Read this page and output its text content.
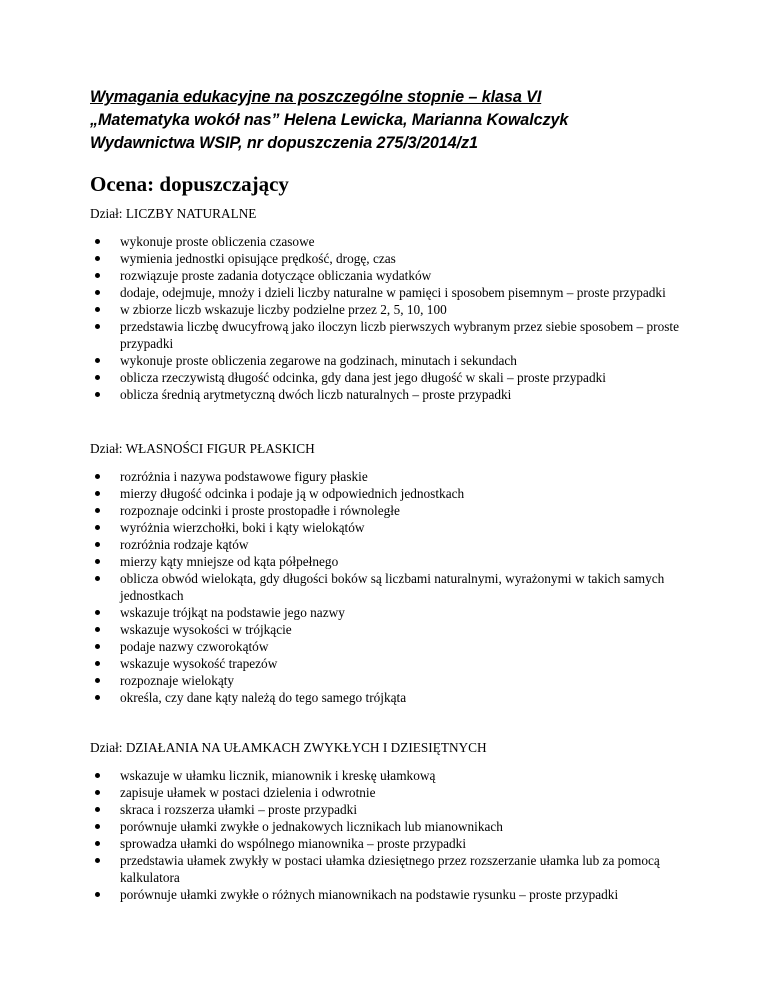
Wymagania edukacyjne na poszczególne stopnie – klasa VI
„Matematyka wokół nas” Helena Lewicka, Marianna Kowalczyk
Wydawnictwa WSIP, nr dopuszczenia 275/3/2014/z1
Ocena: dopuszczający
Dział: LICZBY NATURALNE
wykonuje proste obliczenia czasowe
wymienia jednostki opisujące prędkość, drogę, czas
rozwiązuje proste zadania dotyczące obliczania wydatków
dodaje, odejmuje, mnoży i dzieli liczby naturalne w pamięci i sposobem pisemnym – proste przypadki
w zbiorze liczb wskazuje liczby podzielne przez 2, 5, 10, 100
przedstawia liczbę dwucyfrową jako iloczyn liczb pierwszych wybranym przez siebie sposobem – proste przypadki
wykonuje proste obliczenia zegarowe na godzinach, minutach i sekundach
oblicza rzeczywistą długość odcinka, gdy dana jest jego długość w skali – proste przypadki
oblicza średnią arytmetyczną dwóch liczb naturalnych – proste przypadki
Dział: WŁASNOŚCI FIGUR PŁASKICH
rozróżnia i nazywa podstawowe figury płaskie
mierzy długość odcinka i podaje ją w odpowiednich jednostkach
rozpoznaje odcinki i proste prostopadłe i równoległe
wyróżnia wierzchołki, boki i kąty wielokątów
rozróżnia rodzaje kątów
mierzy kąty mniejsze od kąta półpełnego
oblicza obwód wielokąta, gdy długości boków są liczbami naturalnymi, wyrażonymi w takich samych jednostkach
wskazuje trójkąt na podstawie jego nazwy
wskazuje wysokości w trójkącie
podaje nazwy czworokątów
wskazuje wysokość trapezów
rozpoznaje wielokąty
określa, czy dane kąty należą do tego samego trójkąta
Dział: DZIAŁANIA NA UŁAMKACH ZWYKŁYCH I DZIESIĘTNYCH
wskazuje w ułamku licznik, mianownik i kreskę ułamkową
zapisuje ułamek w postaci dzielenia i odwrotnie
skraca i rozszerza ułamki – proste przypadki
porównuje ułamki zwykłe o jednakowych licznikach lub mianownikach
sprowadza ułamki do wspólnego mianownika – proste przypadki
przedstawia ułamek zwykły w postaci ułamka dziesiętnego przez rozszerzanie ułamka lub za pomocą kalkulatora
porównuje ułamki zwykłe o różnych mianownikach na podstawie rysunku – proste przypadki
